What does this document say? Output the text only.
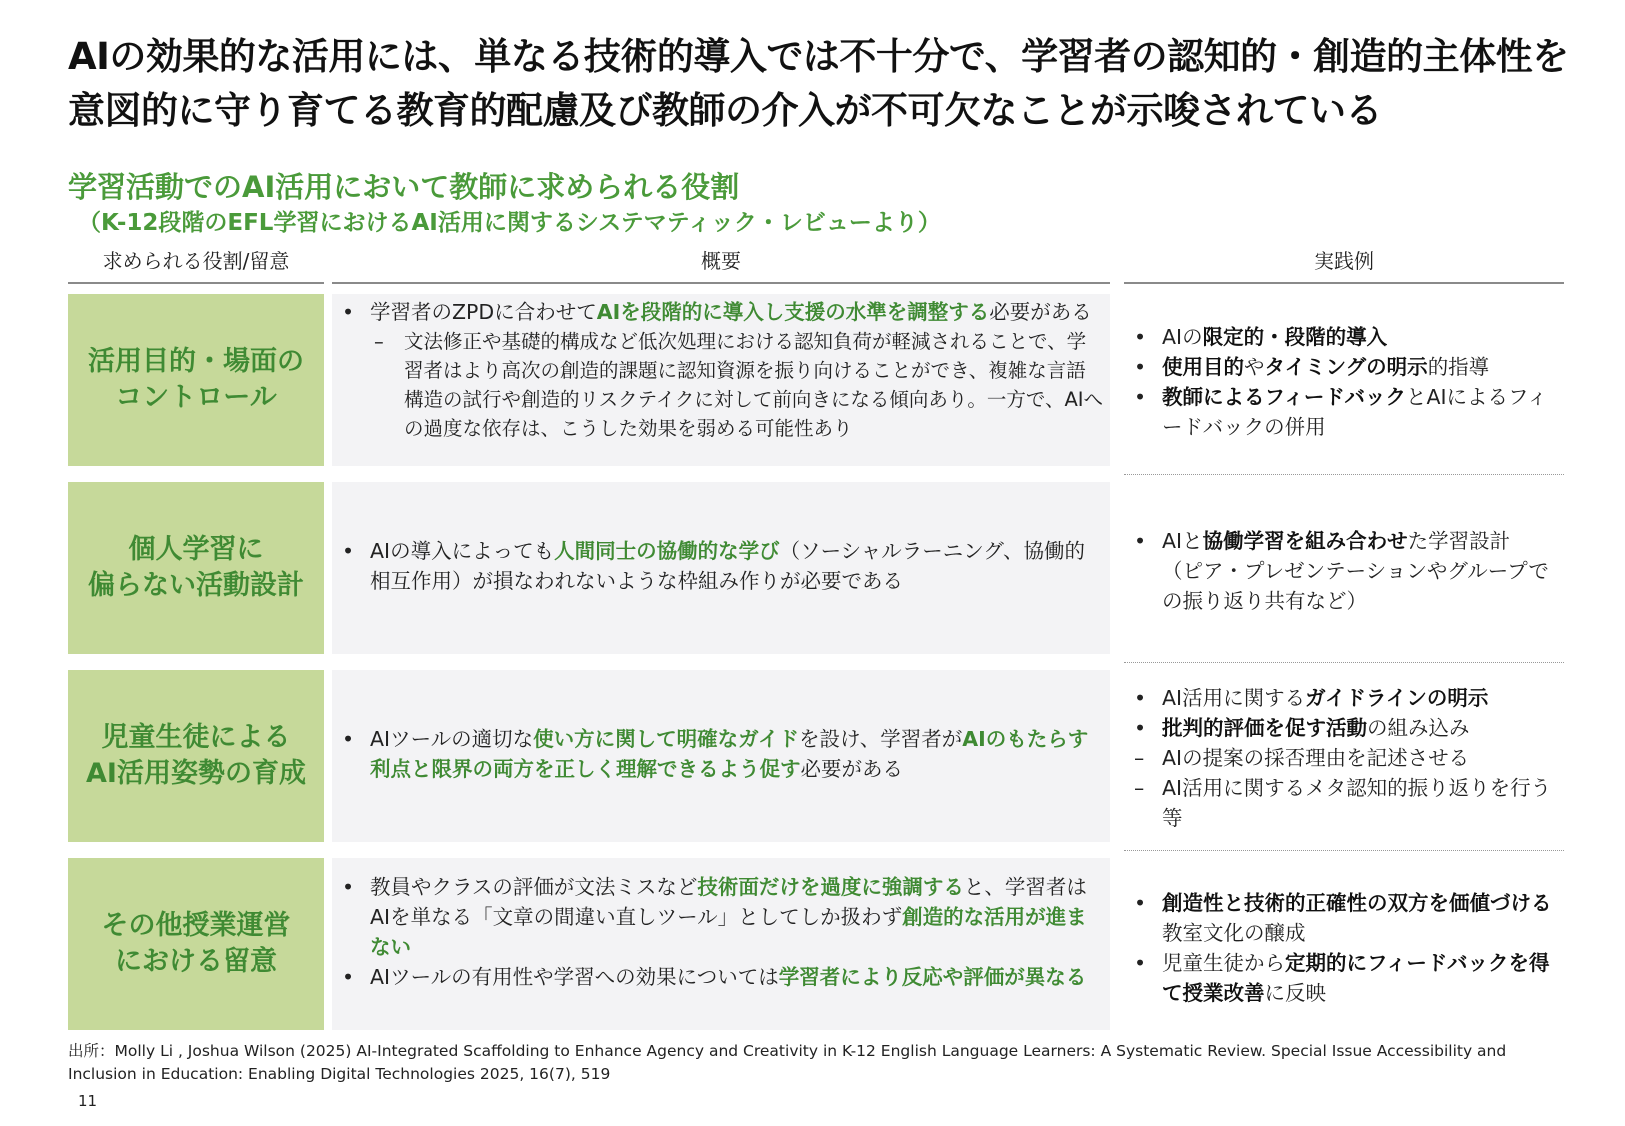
AIの効果的な活用には、単なる技術的導入では不十分で、学習者の認知的・創造的主体性を意図的に守り育てる教育的配慮及び教師の介入が不可欠なことが示唆されている
学習活動でのAI活用において教師に求められる役割
（K-12段階のEFL学習におけるAI活用に関するシステマティック・レビューより）
求められる役割/留意	概要	実践例
活用目的・場面の
コントロール
• 学習者のZPDに合わせてAIを段階的に導入し支援の水準を調整する必要がある
– 文法修正や基礎的構成など低次処理における認知負荷が軽減されることで、学習者はより高次の創造的課題に認知資源を振り向けることができ、複雑な言語構造の試行や創造的リスクテイクに対して前向きになる傾向あり。一方で、AIへの過度な依存は、こうした効果を弱める可能性あり
• AIの限定的・段階的導入
• 使用目的やタイミングの明示的指導
• 教師によるフィードバックとAIによるフィードバックの併用
個人学習に
偏らない活動設計
• AIの導入によっても人間同士の協働的な学び（ソーシャルラーニング、協働的相互作用）が損なわれないような枠組み作りが必要である
• AIと協働学習を組み合わせた学習設計
（ピア・プレゼンテーションやグループでの振り返り共有など）
児童生徒による
AI活用姿勢の育成
• AIツールの適切な使い方に関して明確なガイドを設け、学習者がAIのもたらす利点と限界の両方を正しく理解できるよう促す必要がある
• AI活用に関するガイドラインの明示
• 批判的評価を促す活動の組み込み
– AIの提案の採否理由を記述させる
– AI活用に関するメタ認知的振り返りを行う 等
その他授業運営
における留意
• 教員やクラスの評価が文法ミスなど技術面だけを過度に強調すると、学習者はAIを単なる「文章の間違い直しツール」としてしか扱わず創造的な活用が進まない
• AIツールの有用性や学習への効果については学習者により反応や評価が異なる
• 創造性と技術的正確性の双方を価値づける教室文化の醸成
• 児童生徒から定期的にフィードバックを得て授業改善に反映
出所：Molly Li , Joshua Wilson (2025) AI-Integrated Scaffolding to Enhance Agency and Creativity in K-12 English Language Learners: A Systematic Review. Special Issue Accessibility and Inclusion in Education: Enabling Digital Technologies 2025, 16(7), 519
11
